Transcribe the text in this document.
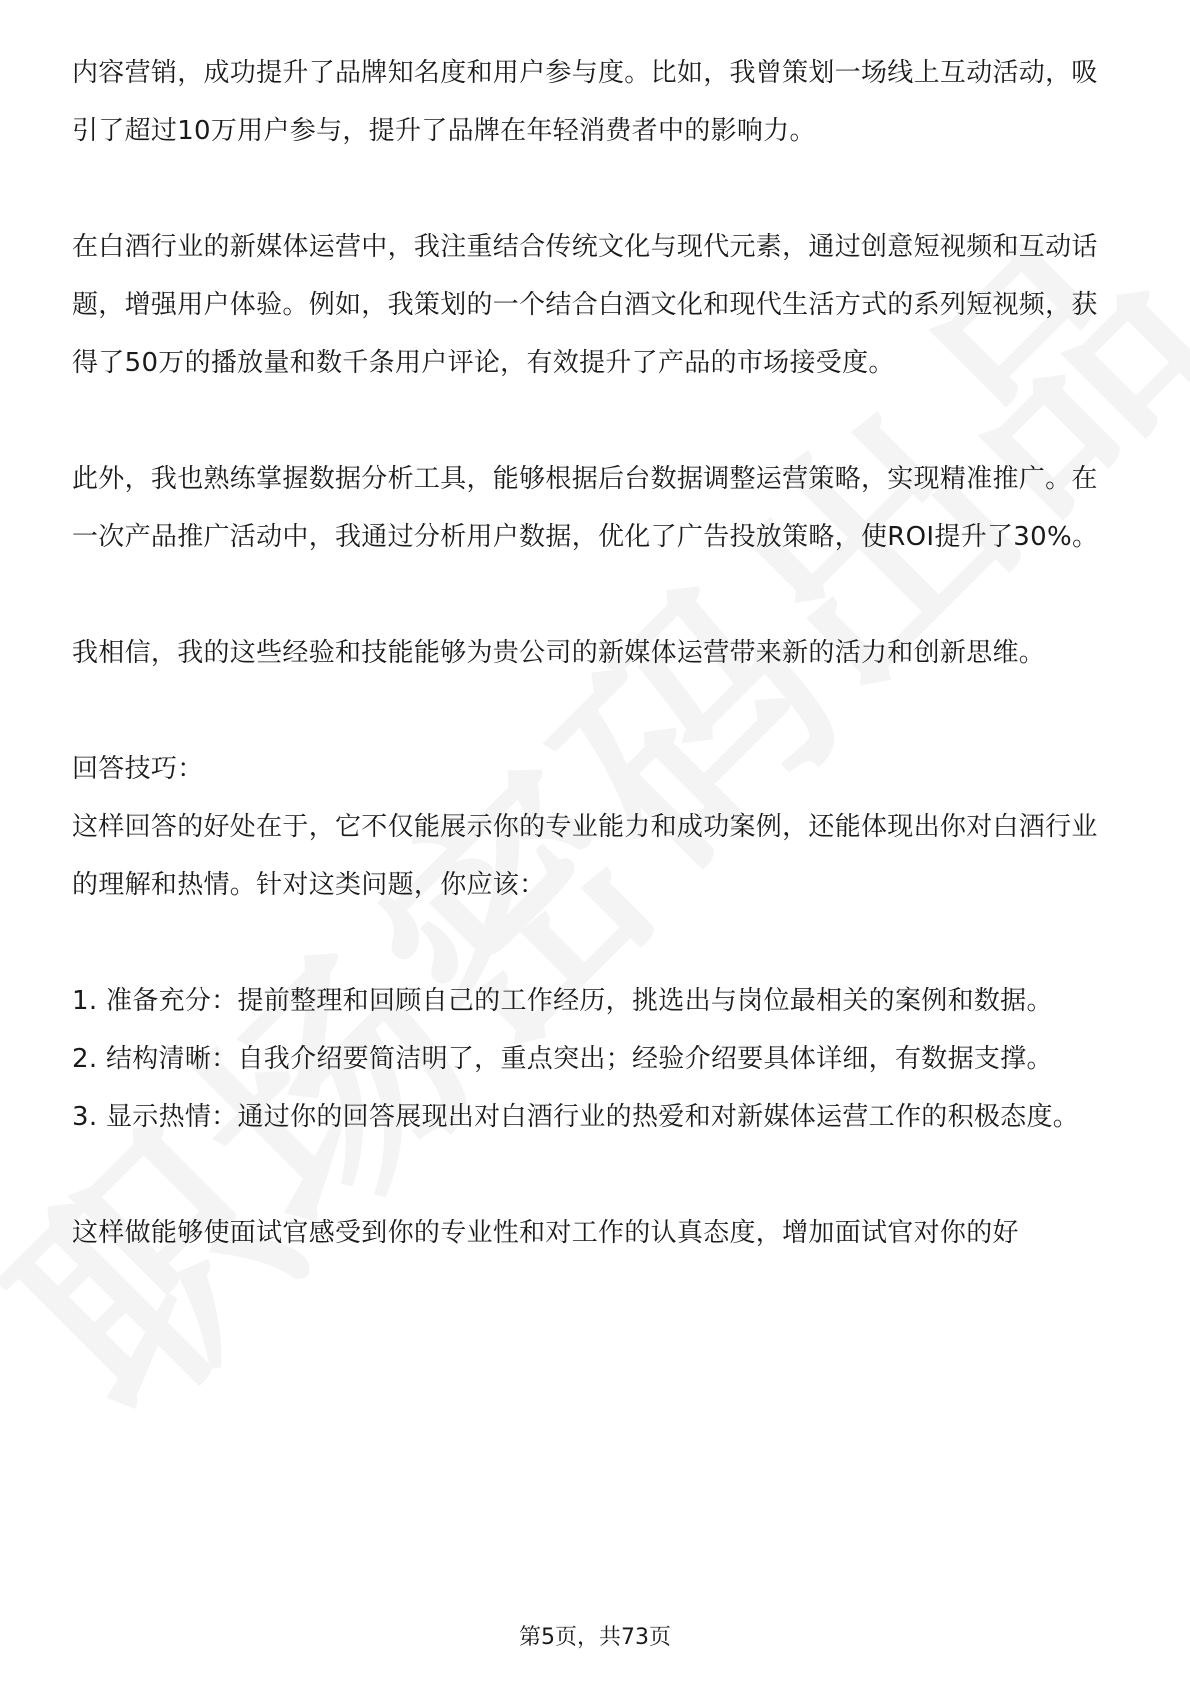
内容营销，成功提升了品牌知名度和用户参与度。比如，我曾策划一场线上互动活动，吸引了超过10万用户参与，提升了品牌在年轻消费者中的影响力。

在白酒行业的新媒体运营中，我注重结合传统文化与现代元素，通过创意短视频和互动话题，增强用户体验。例如，我策划的一个结合白酒文化和现代生活方式的系列短视频，获得了50万的播放量和数千条用户评论，有效提升了产品的市场接受度。

此外，我也熟练掌握数据分析工具，能够根据后台数据调整运营策略，实现精准推广。在一次产品推广活动中，我通过分析用户数据，优化了广告投放策略，使ROI提升了30%。

我相信，我的这些经验和技能能够为贵公司的新媒体运营带来新的活力和创新思维。

回答技巧：

这样回答的好处在于，它不仅能展示你的专业能力和成功案例，还能体现出你对白酒行业的理解和热情。针对这类问题，你应该：

1. 准备充分：提前整理和回顾自己的工作经历，挑选出与岗位最相关的案例和数据。

2. 结构清晰：自我介绍要简洁明了，重点突出；经验介绍要具体详细，有数据支撑。

3. 显示热情：通过你的回答展现出对白酒行业的热爱和对新媒体运营工作的积极态度。

这样做能够使面试官感受到你的专业性和对工作的认真态度，增加面试官对你的好

第5页，共73页
